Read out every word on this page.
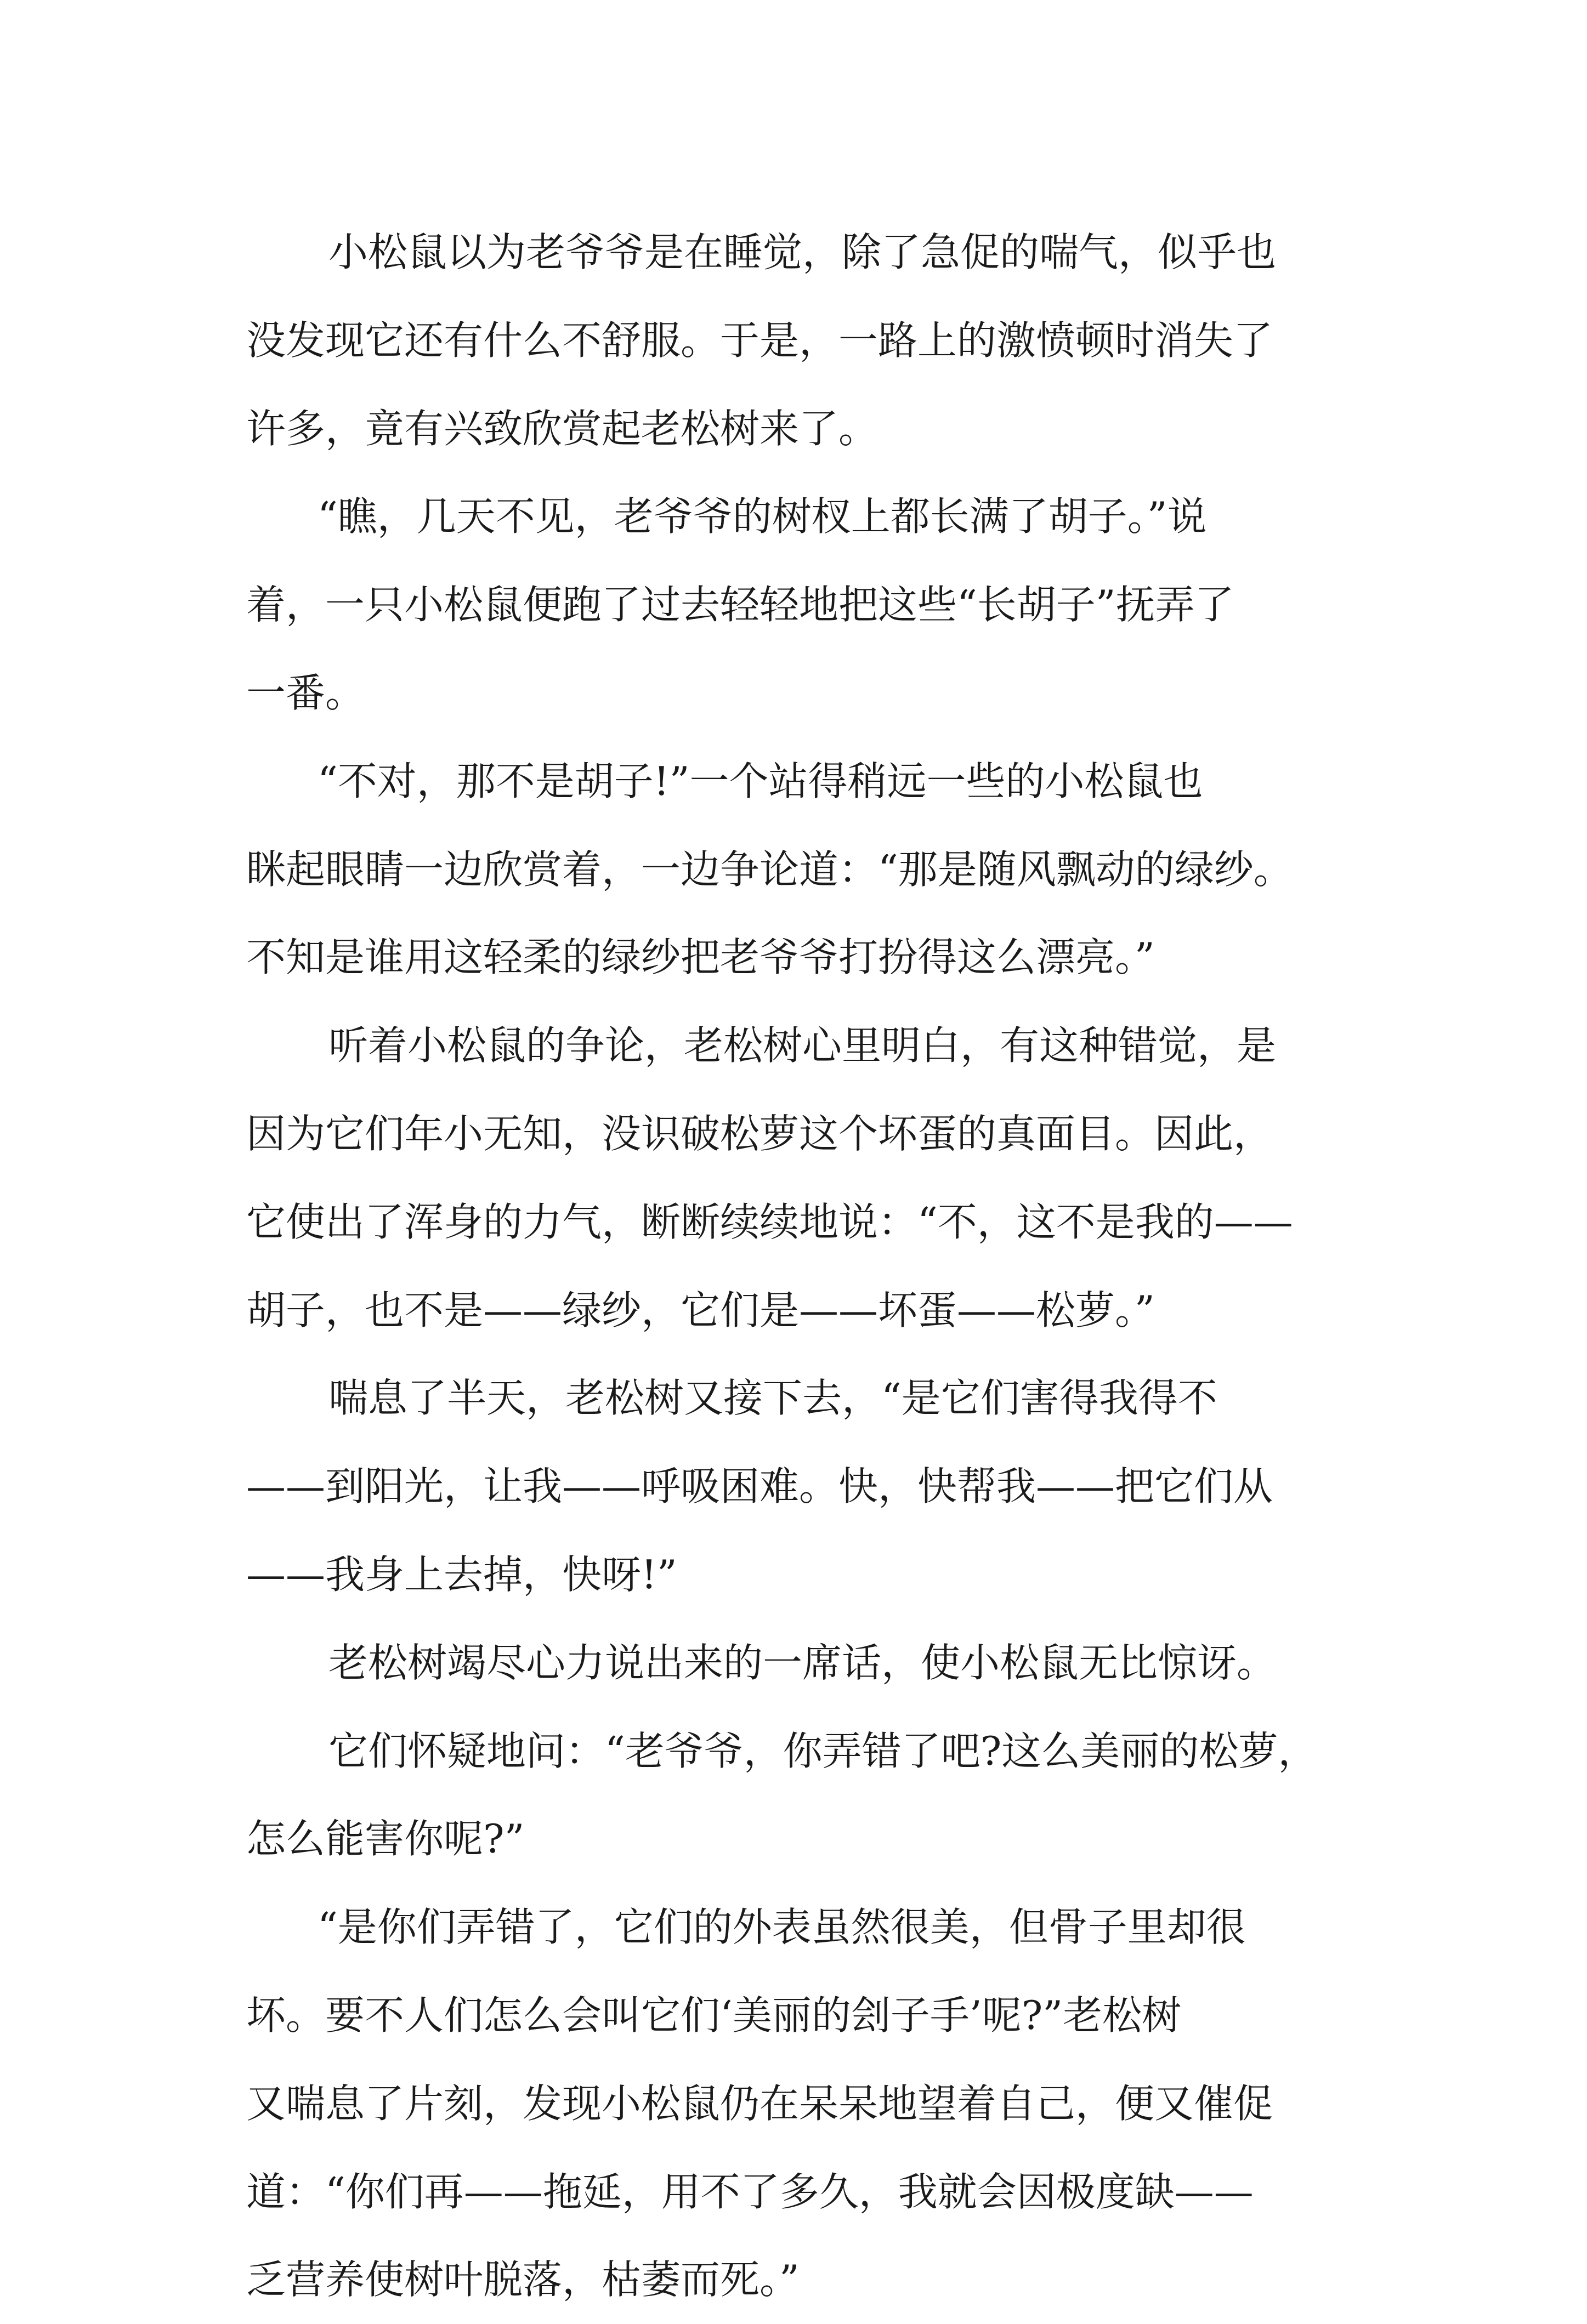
小松鼠以为老爷爷是在睡觉，除了急促的喘气，似乎也
没发现它还有什么不舒服。于是，一路上的激愤顿时消失了
许多，竟有兴致欣赏起老松树来了。
“瞧，几天不见，老爷爷的树杈上都长满了胡子。”说
着，一只小松鼠便跑了过去轻轻地把这些“长胡子”抚弄了
一番。
“不对，那不是胡子!”一个站得稍远一些的小松鼠也
眯起眼睛一边欣赏着，一边争论道：“那是随风飘动的绿纱。
不知是谁用这轻柔的绿纱把老爷爷打扮得这么漂亮。”
听着小松鼠的争论，老松树心里明白，有这种错觉，是
因为它们年小无知，没识破松萝这个坏蛋的真面目。因此，
它使出了浑身的力气，断断续续地说：“不，这不是我的——
胡子，也不是——绿纱，它们是——坏蛋——松萝。”
喘息了半天，老松树又接下去，“是它们害得我得不
——到阳光，让我——呼吸困难。快，快帮我——把它们从
——我身上去掉，快呀!”
老松树竭尽心力说出来的一席话，使小松鼠无比惊讶。
它们怀疑地问：“老爷爷，你弄错了吧?这么美丽的松萝，
怎么能害你呢?”
“是你们弄错了，它们的外表虽然很美，但骨子里却很
坏。要不人们怎么会叫它们‘美丽的刽子手’呢?”老松树
又喘息了片刻，发现小松鼠仍在呆呆地望着自己，便又催促
道：“你们再——拖延，用不了多久，我就会因极度缺——
乏营养使树叶脱落，枯萎而死。”
